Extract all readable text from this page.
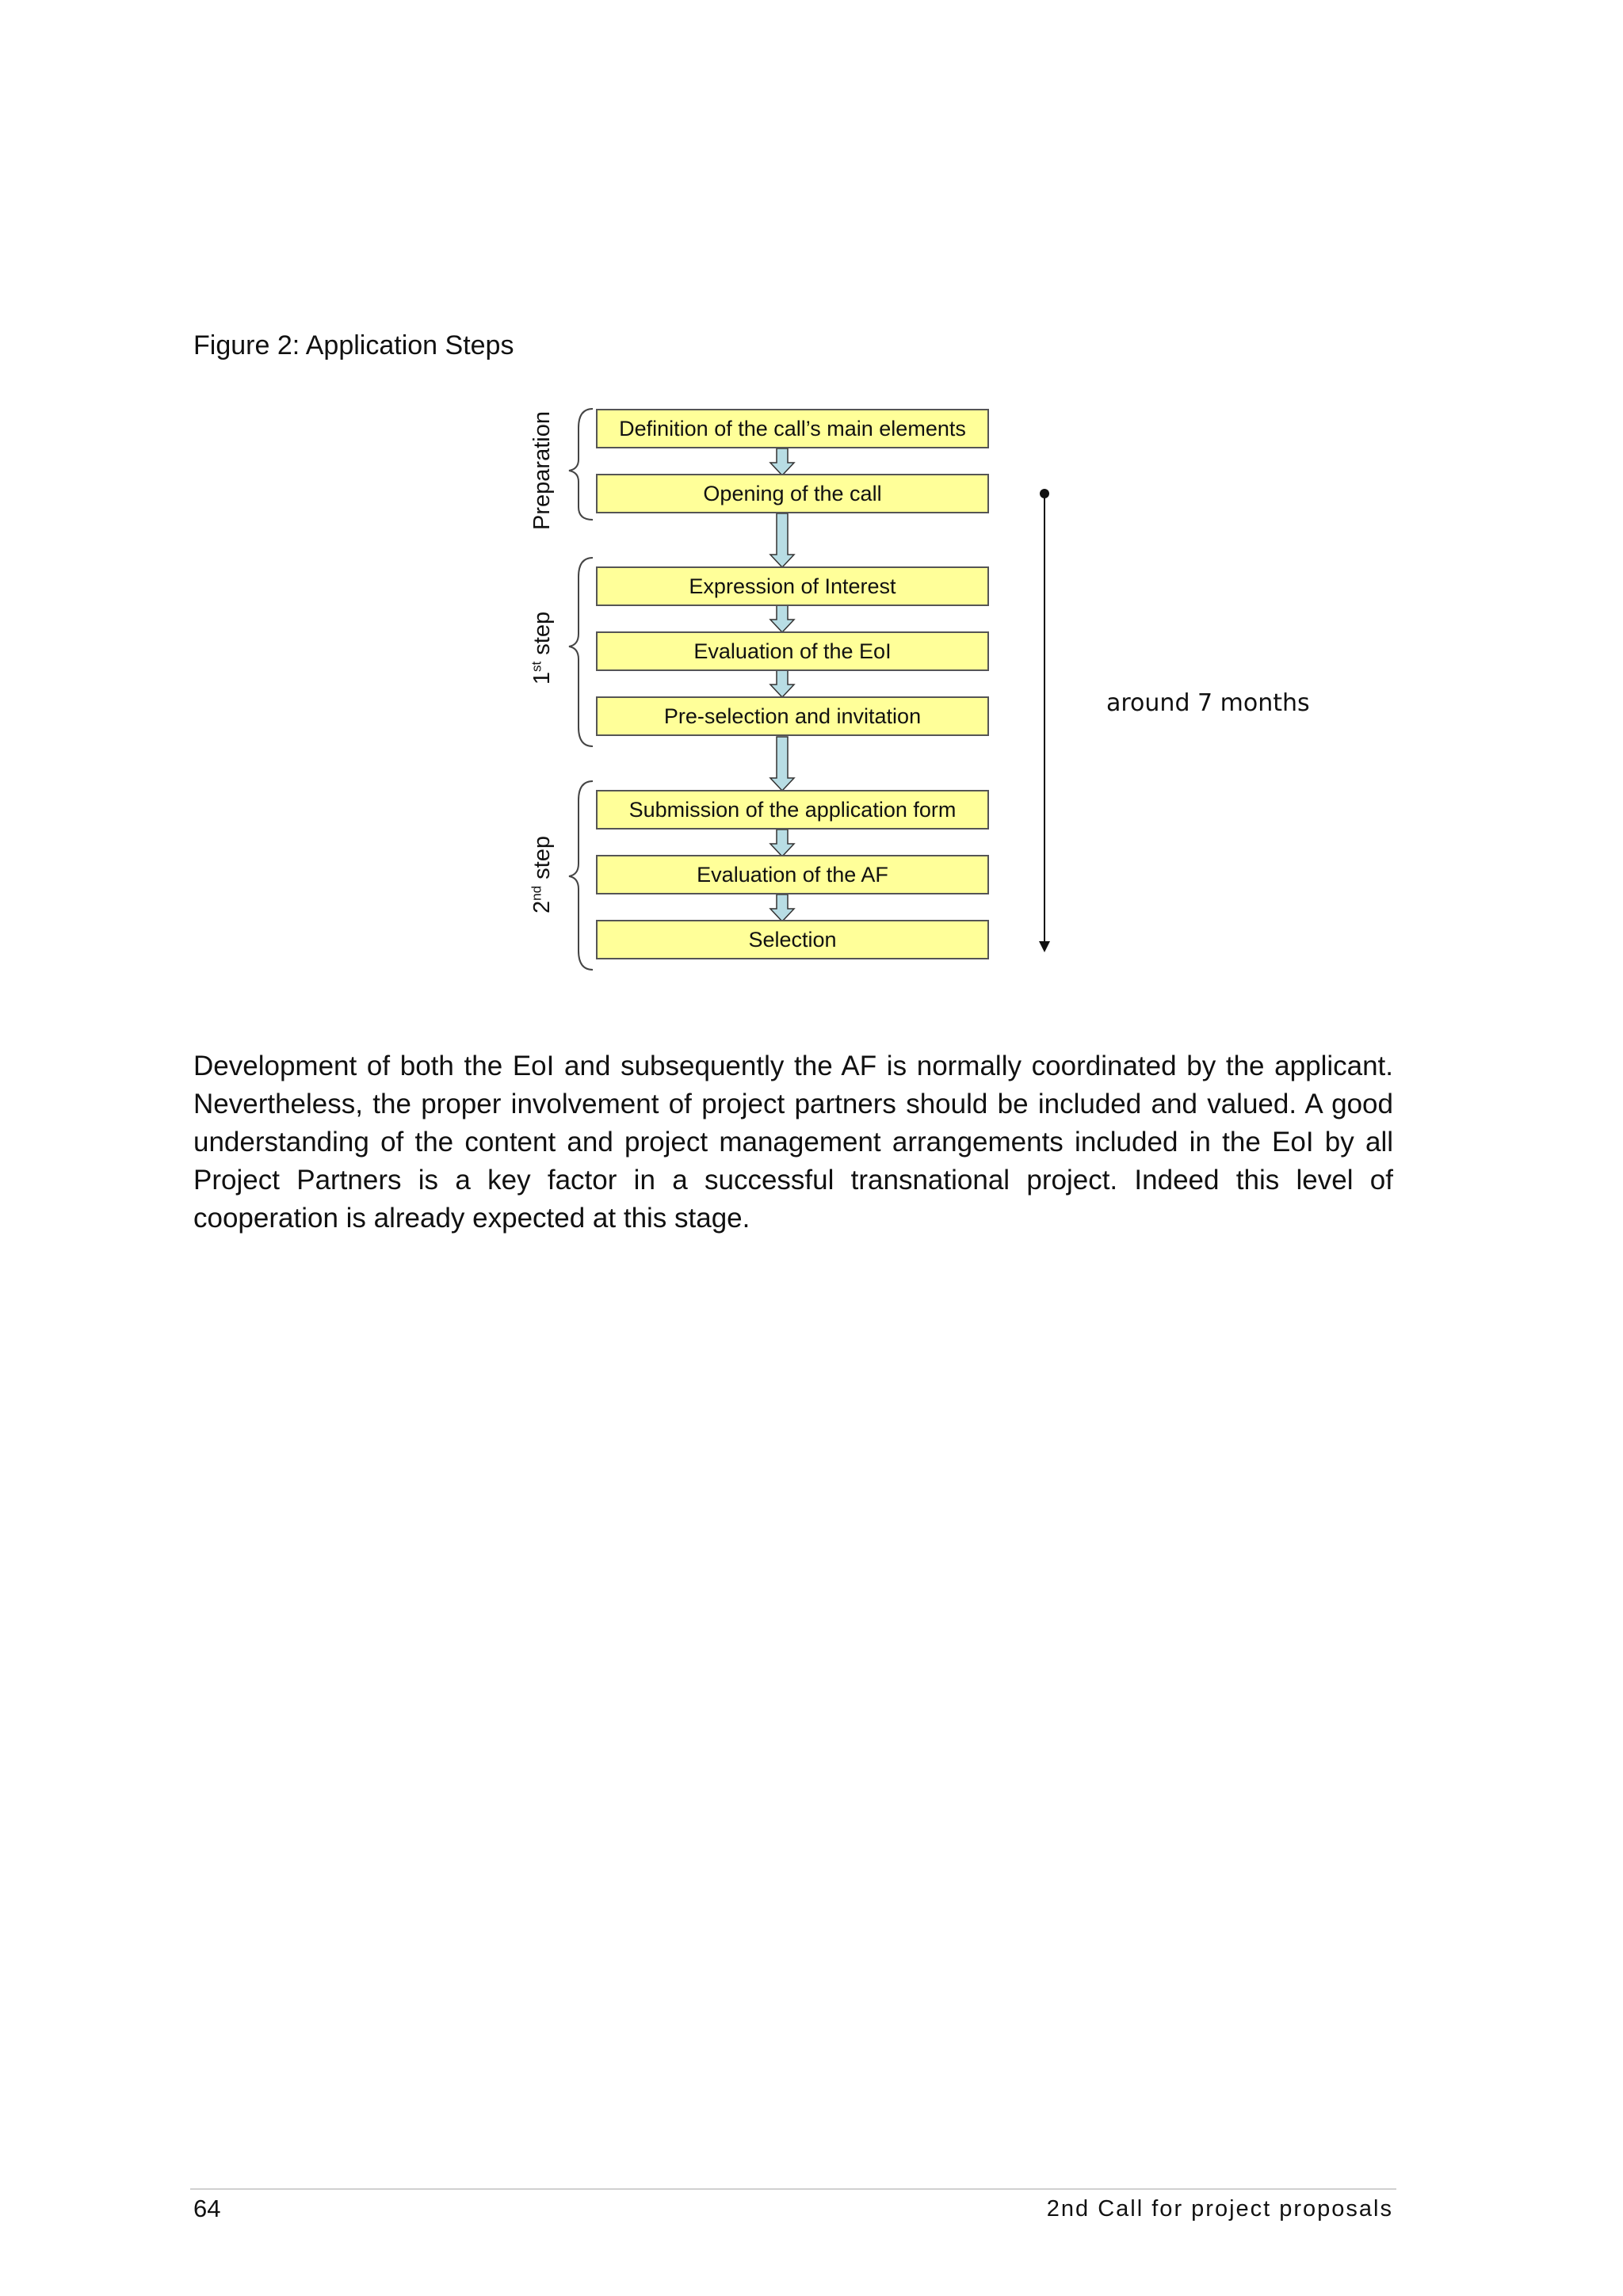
Figure 2: Application Steps
Definition of the call’s main elements
Opening of the call
Expression of Interest
Evaluation of the EoI
Pre-selection and invitation
Submission of the application form
Evaluation of the AF
Selection
Preparation
1st step
2nd step
around 7 months

Development of both the EoI and subsequently the AF is normally coordinated by the applicant. Nevertheless, the proper involvement of project partners should be included and valued. A good understanding of the content and project management arrangements included in the EoI by all Project Partners is a key factor in a successful transnational project. Indeed this level of cooperation is already expected at this stage.

64	2nd Call for project proposals
